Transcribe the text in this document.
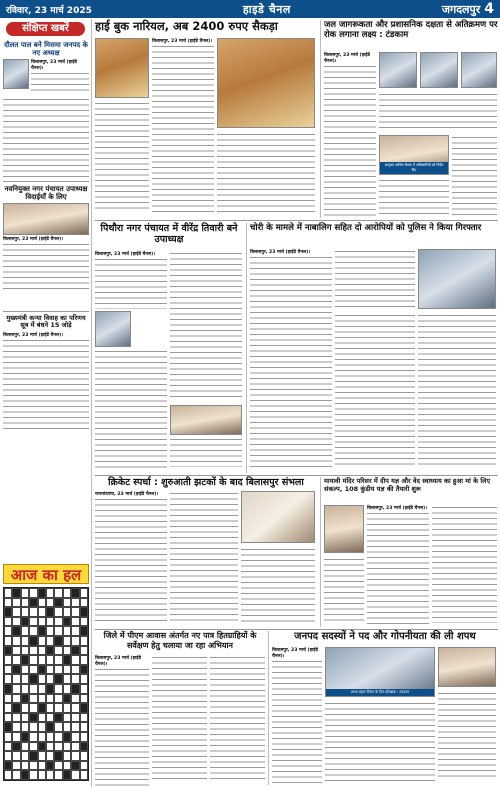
रविवार, 23 मार्च 2025	हाइडे चैनल	जगदलपुर 4
संक्षिप्त खबरें
दौलत पाल बने मिसमा जनपद के नए अध्यक्ष
बिलासपुर, 23 मार्च (हाईडे चैनल)।
नवनियुक्त नगर पंचायत उपाध्यक्ष विदाईयाँ के लिए
बिलासपुर, 23 मार्च (हाईडे चैनल)।
मुख्यमंत्री कन्या विवाह का परिणय सूत्र में बंधने 15 जोड़े
बिलासपुर, 23 मार्च (हाईडे चैनल)।
आज का हल
हाई बुक नारियल, अब 2400 रुपए सैकड़ा
बिलासपुर, 23 मार्च (हाईडे चैनल)।
जल जागरूकता और प्रशासनिक दक्षता से अतिक्रमण पर रोक लगाना लक्ष्य : टंडकाम
बिलासपुर, 23 मार्च (हाईडे चैनल)।
आयुक्त शामिल बैठक में अधिकारियों को निर्देश दिए
पिथौरा नगर पंचायत में वीरेंद्र तिवारी बने उपाध्यक्ष
बिलासपुर, 23 मार्च (हाईडे चैनल)।
चोरी के मामले में नाबालिग सहित दो आरोपियों को पुलिस ने किया गिरफ्तार
बिलासपुर, 23 मार्च (हाईडे चैनल)।
क्रिकेट स्पर्धा : शुरुआती झटकों के बाद बिलासपुर संभला
राजनांदगांव, 23 मार्च (हाईडे चैनल)।
मायावी मंदिर परिसर में दीप यज्ञ और वेद स्वाध्याय का हुआ मां के लिए संकल्प, 108 कुंडीय यज्ञ की तैयारी शुरू
बिलासपुर, 23 मार्च (हाईडे चैनल)।
जिले में पीएम आवास अंतर्गत नए पात्र हितग्राहियों के सर्वेक्षण हेतु चलाया जा रहा अभियान
बिलासपुर, 23 मार्च (हाईडे चैनल)।
जनपद सदस्यों ने पद और गोपनीयता की ली शपथ
बिलासपुर, 23 मार्च (हाईडे चैनल)।
शपथ ग्रहण मिलन के दिन प्रशिक्षक : टंडकाम
